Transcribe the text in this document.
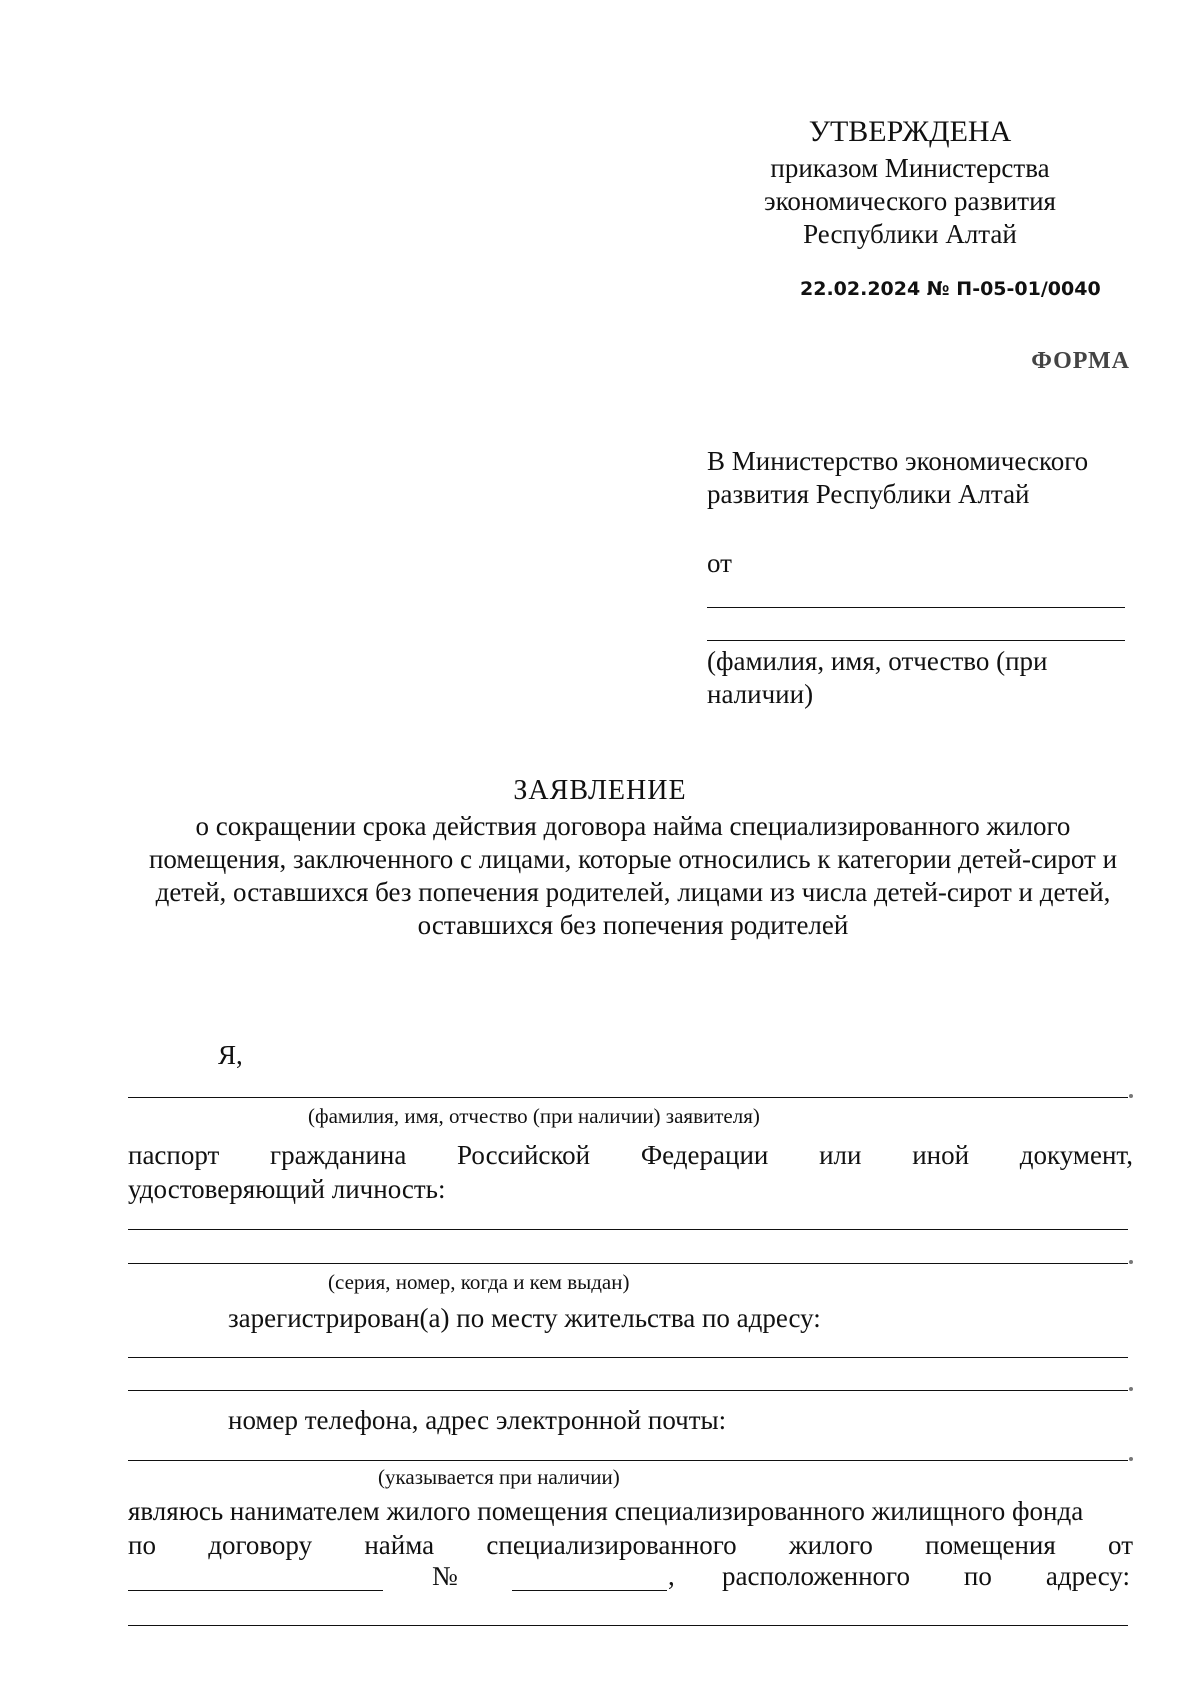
УТВЕРЖДЕНА
приказом Министерства
экономического развития
Республики Алтай
22.02.2024 № П-05-01/0040
ФОРМА
В Министерство экономического развития Республики Алтай
от
(фамилия, имя, отчество (при наличии)
ЗАЯВЛЕНИЕ
о сокращении срока действия договора найма специализированного жилого помещения, заключенного с лицами, которые относились к категории детей-сирот и детей, оставшихся без попечения родителей, лицами из числа детей-сирот и детей, оставшихся без попечения родителей
Я,
(фамилия, имя, отчество (при наличии) заявителя)
паспорт гражданина Российской Федерации или иной документ,
удостоверяющий личность:
(серия, номер, когда и кем выдан)
зарегистрирован(а) по месту жительства по адресу:
номер телефона, адрес электронной почты:
(указывается при наличии)
являюсь нанимателем жилого помещения специализированного жилищного фонда
по договору найма специализированного жилого помещения от
№	, расположенного по адресу:
